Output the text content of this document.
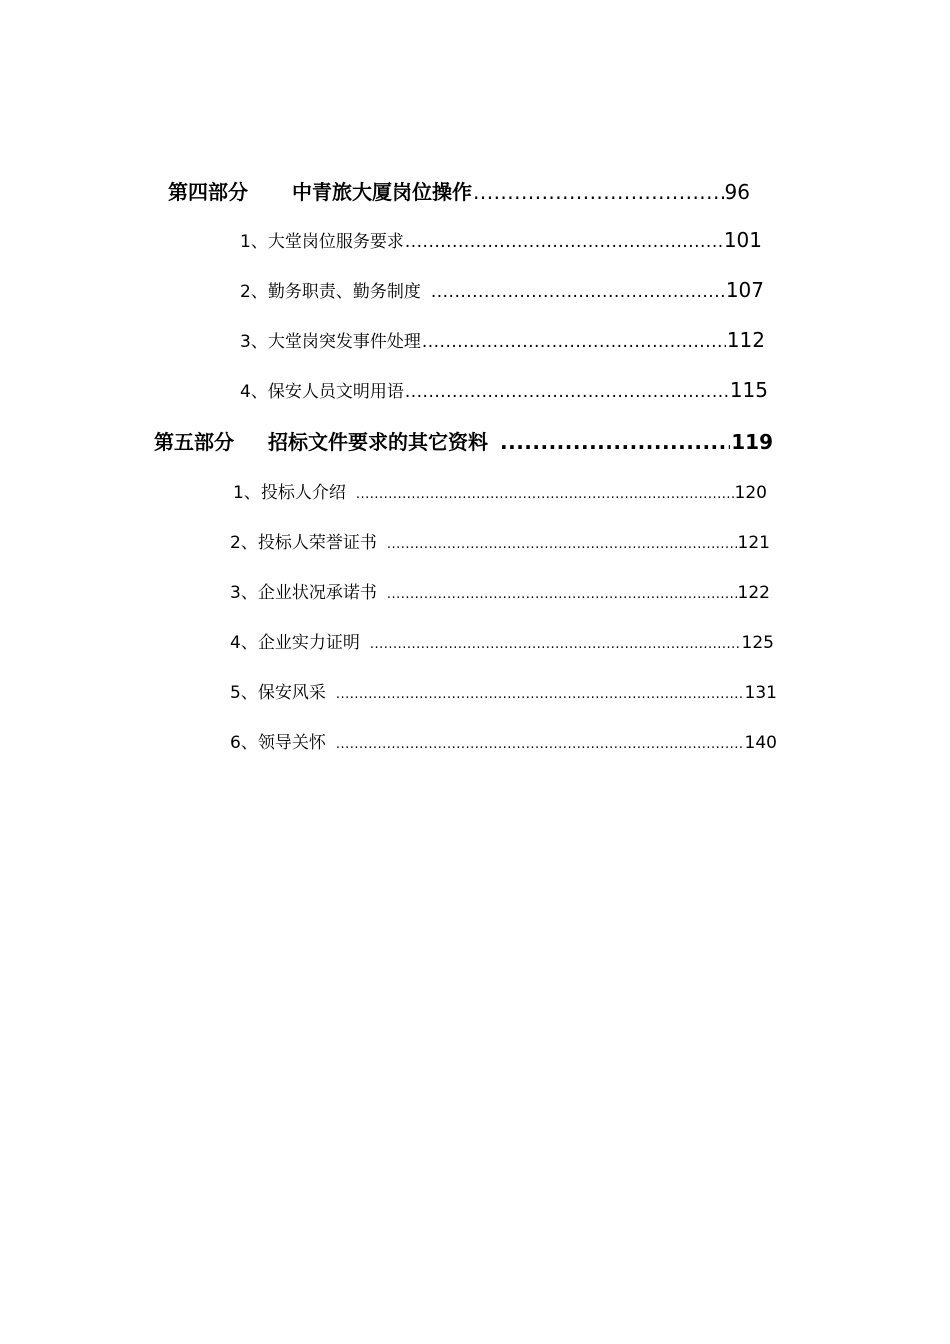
第四部分 中青旅大厦岗位操作 .....	96
1、大堂岗位服务要求 .....	101
2、勤务职责、勤务制度 .....	107
3、大堂岗突发事件处理 .....	112
4、保安人员文明用语 .....	115
第五部分 招标文件要求的其它资料 .....	119
1、投标人介绍 .....	120
2、投标人荣誉证书 .....	121
3、企业状况承诺书 .....	122
4、企业实力证明 .....	125
5、保安风采 .....	131
6、领导关怀 .....	140
